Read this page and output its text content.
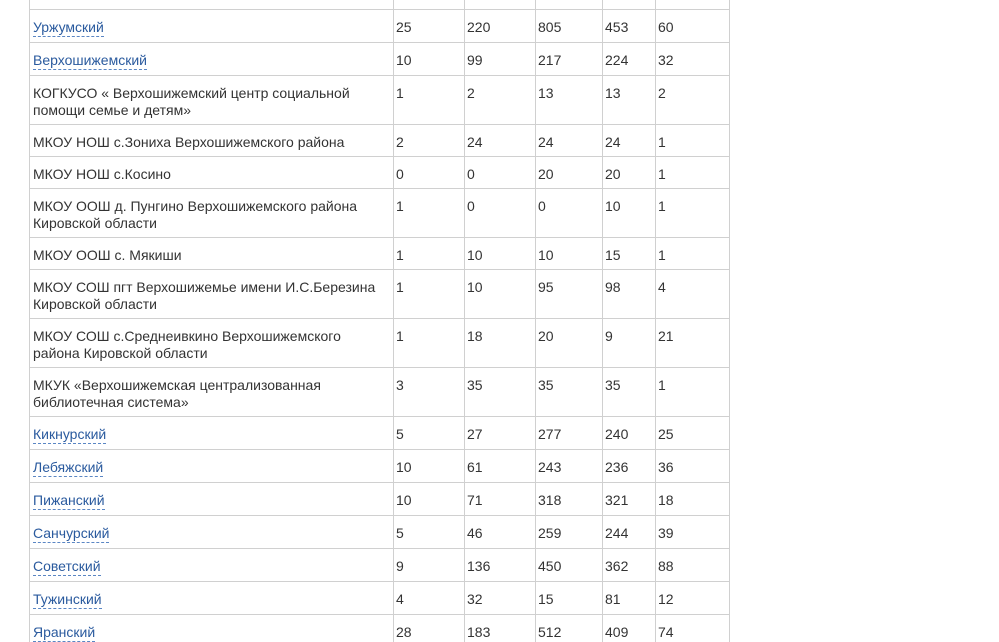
Уржумский	25	220	805	453	60
Верхошижемский	10	99	217	224	32
КОГКУСО « Верхошижемский центр социальной помощи семье и детям»	1	2	13	13	2
МКОУ НОШ с.Зониха Верхошижемского района	2	24	24	24	1
МКОУ НОШ с.Косино	0	0	20	20	1
МКОУ ООШ д. Пунгино Верхошижемского района Кировской области	1	0	0	10	1
МКОУ ООШ с. Мякиши	1	10	10	15	1
МКОУ СОШ пгт Верхошижемье имени И.С.Березина Кировской области	1	10	95	98	4
МКОУ СОШ с.Среднеивкино Верхошижемского района Кировской области	1	18	20	9	21
МКУК «Верхошижемская централизованная библиотечная система»	3	35	35	35	1
Кикнурский	5	27	277	240	25
Лебяжский	10	61	243	236	36
Пижанский	10	71	318	321	18
Санчурский	5	46	259	244	39
Советский	9	136	450	362	88
Тужинский	4	32	15	81	12
Яранский	28	183	512	409	74
